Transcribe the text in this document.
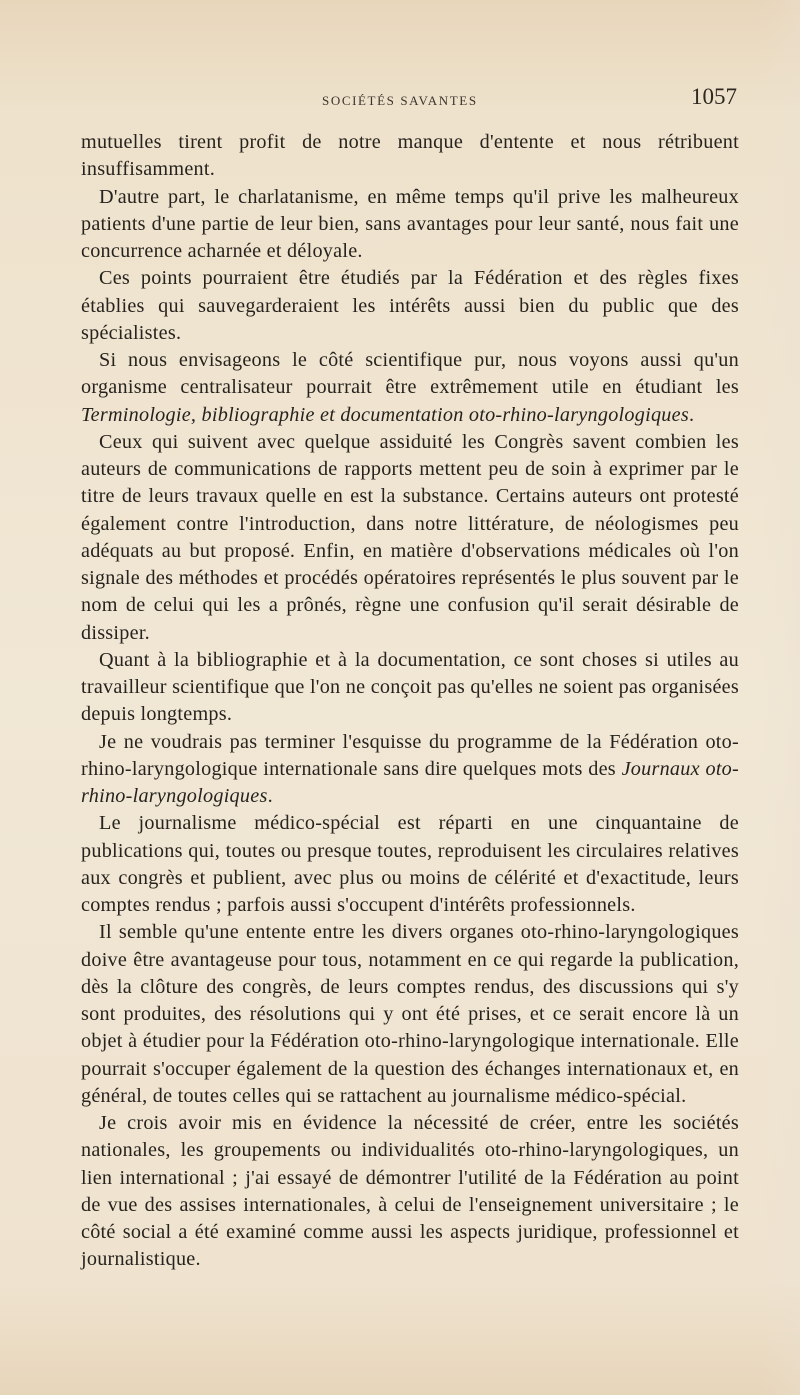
SOCIÉTÉS SAVANTES	1057

mutuelles tirent profit de notre manque d'entente et nous rétribuent insuffisamment.

D'autre part, le charlatanisme, en même temps qu'il prive les malheureux patients d'une partie de leur bien, sans avantages pour leur santé, nous fait une concurrence acharnée et déloyale.

Ces points pourraient être étudiés par la Fédération et des règles fixes établies qui sauvegarderaient les intérêts aussi bien du public que des spécialistes.

Si nous envisageons le côté scientifique pur, nous voyons aussi qu'un organisme centralisateur pourrait être extrêmement utile en étudiant les Terminologie, bibliographie et documentation oto-rhino-laryngologiques.

Ceux qui suivent avec quelque assiduité les Congrès savent combien les auteurs de communications de rapports mettent peu de soin à exprimer par le titre de leurs travaux quelle en est la substance. Certains auteurs ont protesté également contre l'introduction, dans notre littérature, de néologismes peu adéquats au but proposé. Enfin, en matière d'observations médicales où l'on signale des méthodes et procédés opératoires représentés le plus souvent par le nom de celui qui les a prônés, règne une confusion qu'il serait désirable de dissiper.

Quant à la bibliographie et à la documentation, ce sont choses si utiles au travailleur scientifique que l'on ne conçoit pas qu'elles ne soient pas organisées depuis longtemps.

Je ne voudrais pas terminer l'esquisse du programme de la Fédération oto-rhino-laryngologique internationale sans dire quelques mots des Journaux oto-rhino-laryngologiques.

Le journalisme médico-spécial est réparti en une cinquantaine de publications qui, toutes ou presque toutes, reproduisent les circulaires relatives aux congrès et publient, avec plus ou moins de célérité et d'exactitude, leurs comptes rendus ; parfois aussi s'occupent d'intérêts professionnels.

Il semble qu'une entente entre les divers organes oto-rhino-laryngologiques doive être avantageuse pour tous, notamment en ce qui regarde la publication, dès la clôture des congrès, de leurs comptes rendus, des discussions qui s'y sont produites, des résolutions qui y ont été prises, et ce serait encore là un objet à étudier pour la Fédération oto-rhino-laryngologique internationale. Elle pourrait s'occuper également de la question des échanges internationaux et, en général, de toutes celles qui se rattachent au journalisme médico-spécial.

Je crois avoir mis en évidence la nécessité de créer, entre les sociétés nationales, les groupements ou individualités oto-rhino-laryngologiques, un lien international ; j'ai essayé de démontrer l'utilité de la Fédération au point de vue des assises internationales, à celui de l'enseignement universitaire ; le côté social a été examiné comme aussi les aspects juridique, professionnel et journalistique.
